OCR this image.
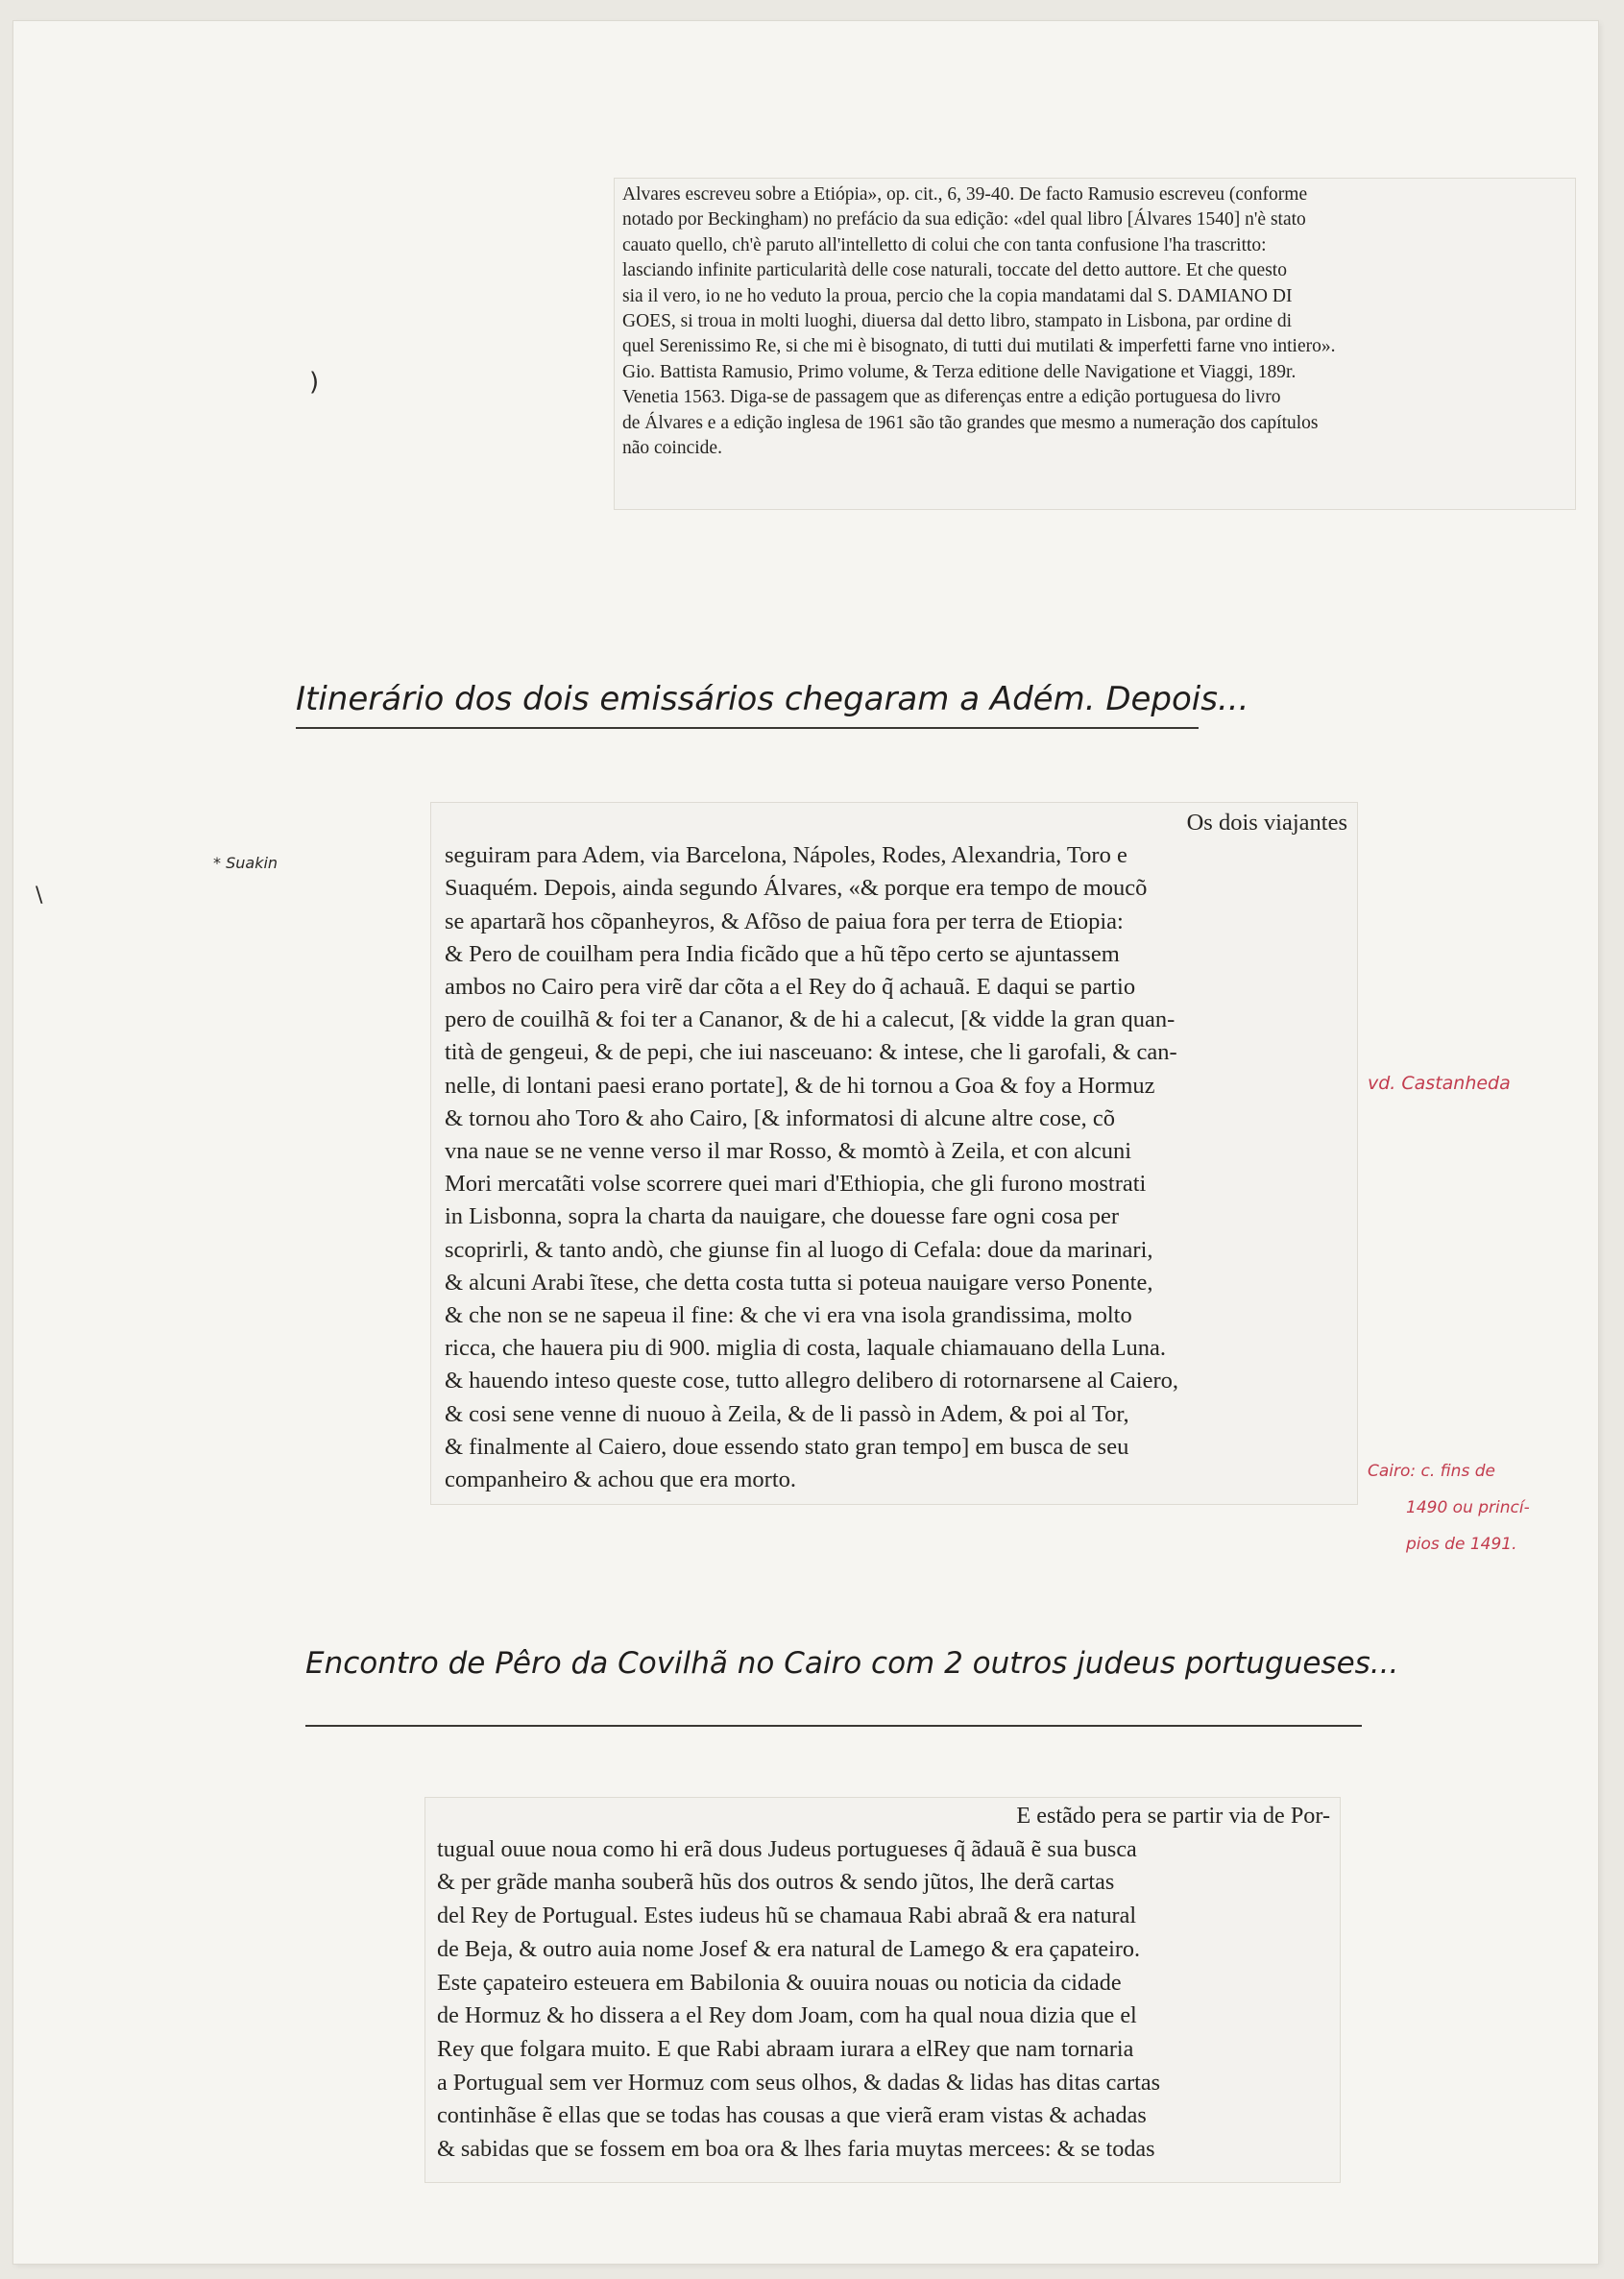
Alvares escreveu sobre a Etiópia», op. cit., 6, 39-40. De facto Ramusio escreveu (conforme

notado por Beckingham) no prefácio da sua edição: «del qual libro [Álvares 1540] n'è stato

cauato quello, ch'è paruto all'intelletto di colui che con tanta confusione l'ha trascritto:

lasciando infinite particularità delle cose naturali, toccate del detto auttore. Et che questo

sia il vero, io ne ho veduto la proua, percio che la copia mandatami dal S. DAMIANO DI

GOES, si troua in molti luoghi, diuersa dal detto libro, stampato in Lisbona, par ordine di

quel Serenissimo Re, si che mi è bisognato, di tutti dui mutilati & imperfetti farne vno intiero».

Gio. Battista Ramusio, Primo volume, & Terza editione delle Navigatione et Viaggi, 189r.

Venetia 1563. Diga-se de passagem que as diferenças entre a edição portuguesa do livro

de Álvares e a edição inglesa de 1961 são tão grandes que mesmo a numeração dos capítulos

não coincide.

Itinerário dos dois emissários chegaram a Adém. Depois...

Os dois viajantes

seguiram para Adem, via Barcelona, Nápoles, Rodes, Alexandria, Toro e

Suaquém. Depois, ainda segundo Álvares, «& porque era tempo de moucõ

se apartarã hos cõpanheyros, & Afõso de paiua fora per terra de Etiopia:

& Pero de couilham pera India ficãdo que a hũ tẽpo certo se ajuntassem

ambos no Cairo pera virẽ dar cõta a el Rey do q̃ achauã. E daqui se partio

pero de couilhã & foi ter a Cananor, & de hi a calecut, [& vidde la gran quan-

tità de gengeui, & de pepi, che iui nasceuano: & intese, che li garofali, & can-

nelle, di lontani paesi erano portate], & de hi tornou a Goa & foy a Hormuz

& tornou aho Toro & aho Cairo, [& informatosi di alcune altre cose, cõ

vna naue se ne venne verso il mar Rosso, & momtò à Zeila, et con alcuni

Mori mercatãti volse scorrere quei mari d'Ethiopia, che gli furono mostrati

in Lisbonna, sopra la charta da nauigare, che douesse fare ogni cosa per

scoprirli, & tanto andò, che giunse fin al luogo di Cefala: doue da marinari,

& alcuni Arabi ĩtese, che detta costa tutta si poteua nauigare verso Ponente,

& che non se ne sapeua il fine: & che vi era vna isola grandissima, molto

ricca, che hauera piu di 900. miglia di costa, laquale chiamauano della Luna.

& hauendo inteso queste cose, tutto allegro delibero di rotornarsene al Caiero,

& cosi sene venne di nuouo à Zeila, & de li passò in Adem, & poi al Tor,

& finalmente al Caiero, doue essendo stato gran tempo] em busca de seu

companheiro & achou que era morto.

* Suakin
\
)
vd. Castanheda
Cairo: c. fins de
1490 ou princí-
pios de 1491.
Encontro de Pêro da Covilhã no Cairo com 2 outros judeus portugueses...

E estãdo pera se partir via de Por-

tugual ouue noua como hi erã dous Judeus portugueses q̃ ãdauã ẽ sua busca

& per grãde manha souberã hũs dos outros & sendo jũtos, lhe derã cartas

del Rey de Portugual. Estes iudeus hũ se chamaua Rabi abraã & era natural

de Beja, & outro auia nome Josef & era natural de Lamego & era çapateiro.

Este çapateiro esteuera em Babilonia & ouuira nouas ou noticia da cidade

de Hormuz & ho dissera a el Rey dom Joam, com ha qual noua dizia que el

Rey que folgara muito. E que Rabi abraam iurara a elRey que nam tornaria

a Portugual sem ver Hormuz com seus olhos, & dadas & lidas has ditas cartas

continhãse ẽ ellas que se todas has cousas a que vierã eram vistas & achadas

& sabidas que se fossem em boa ora & lhes faria muytas mercees: & se todas
